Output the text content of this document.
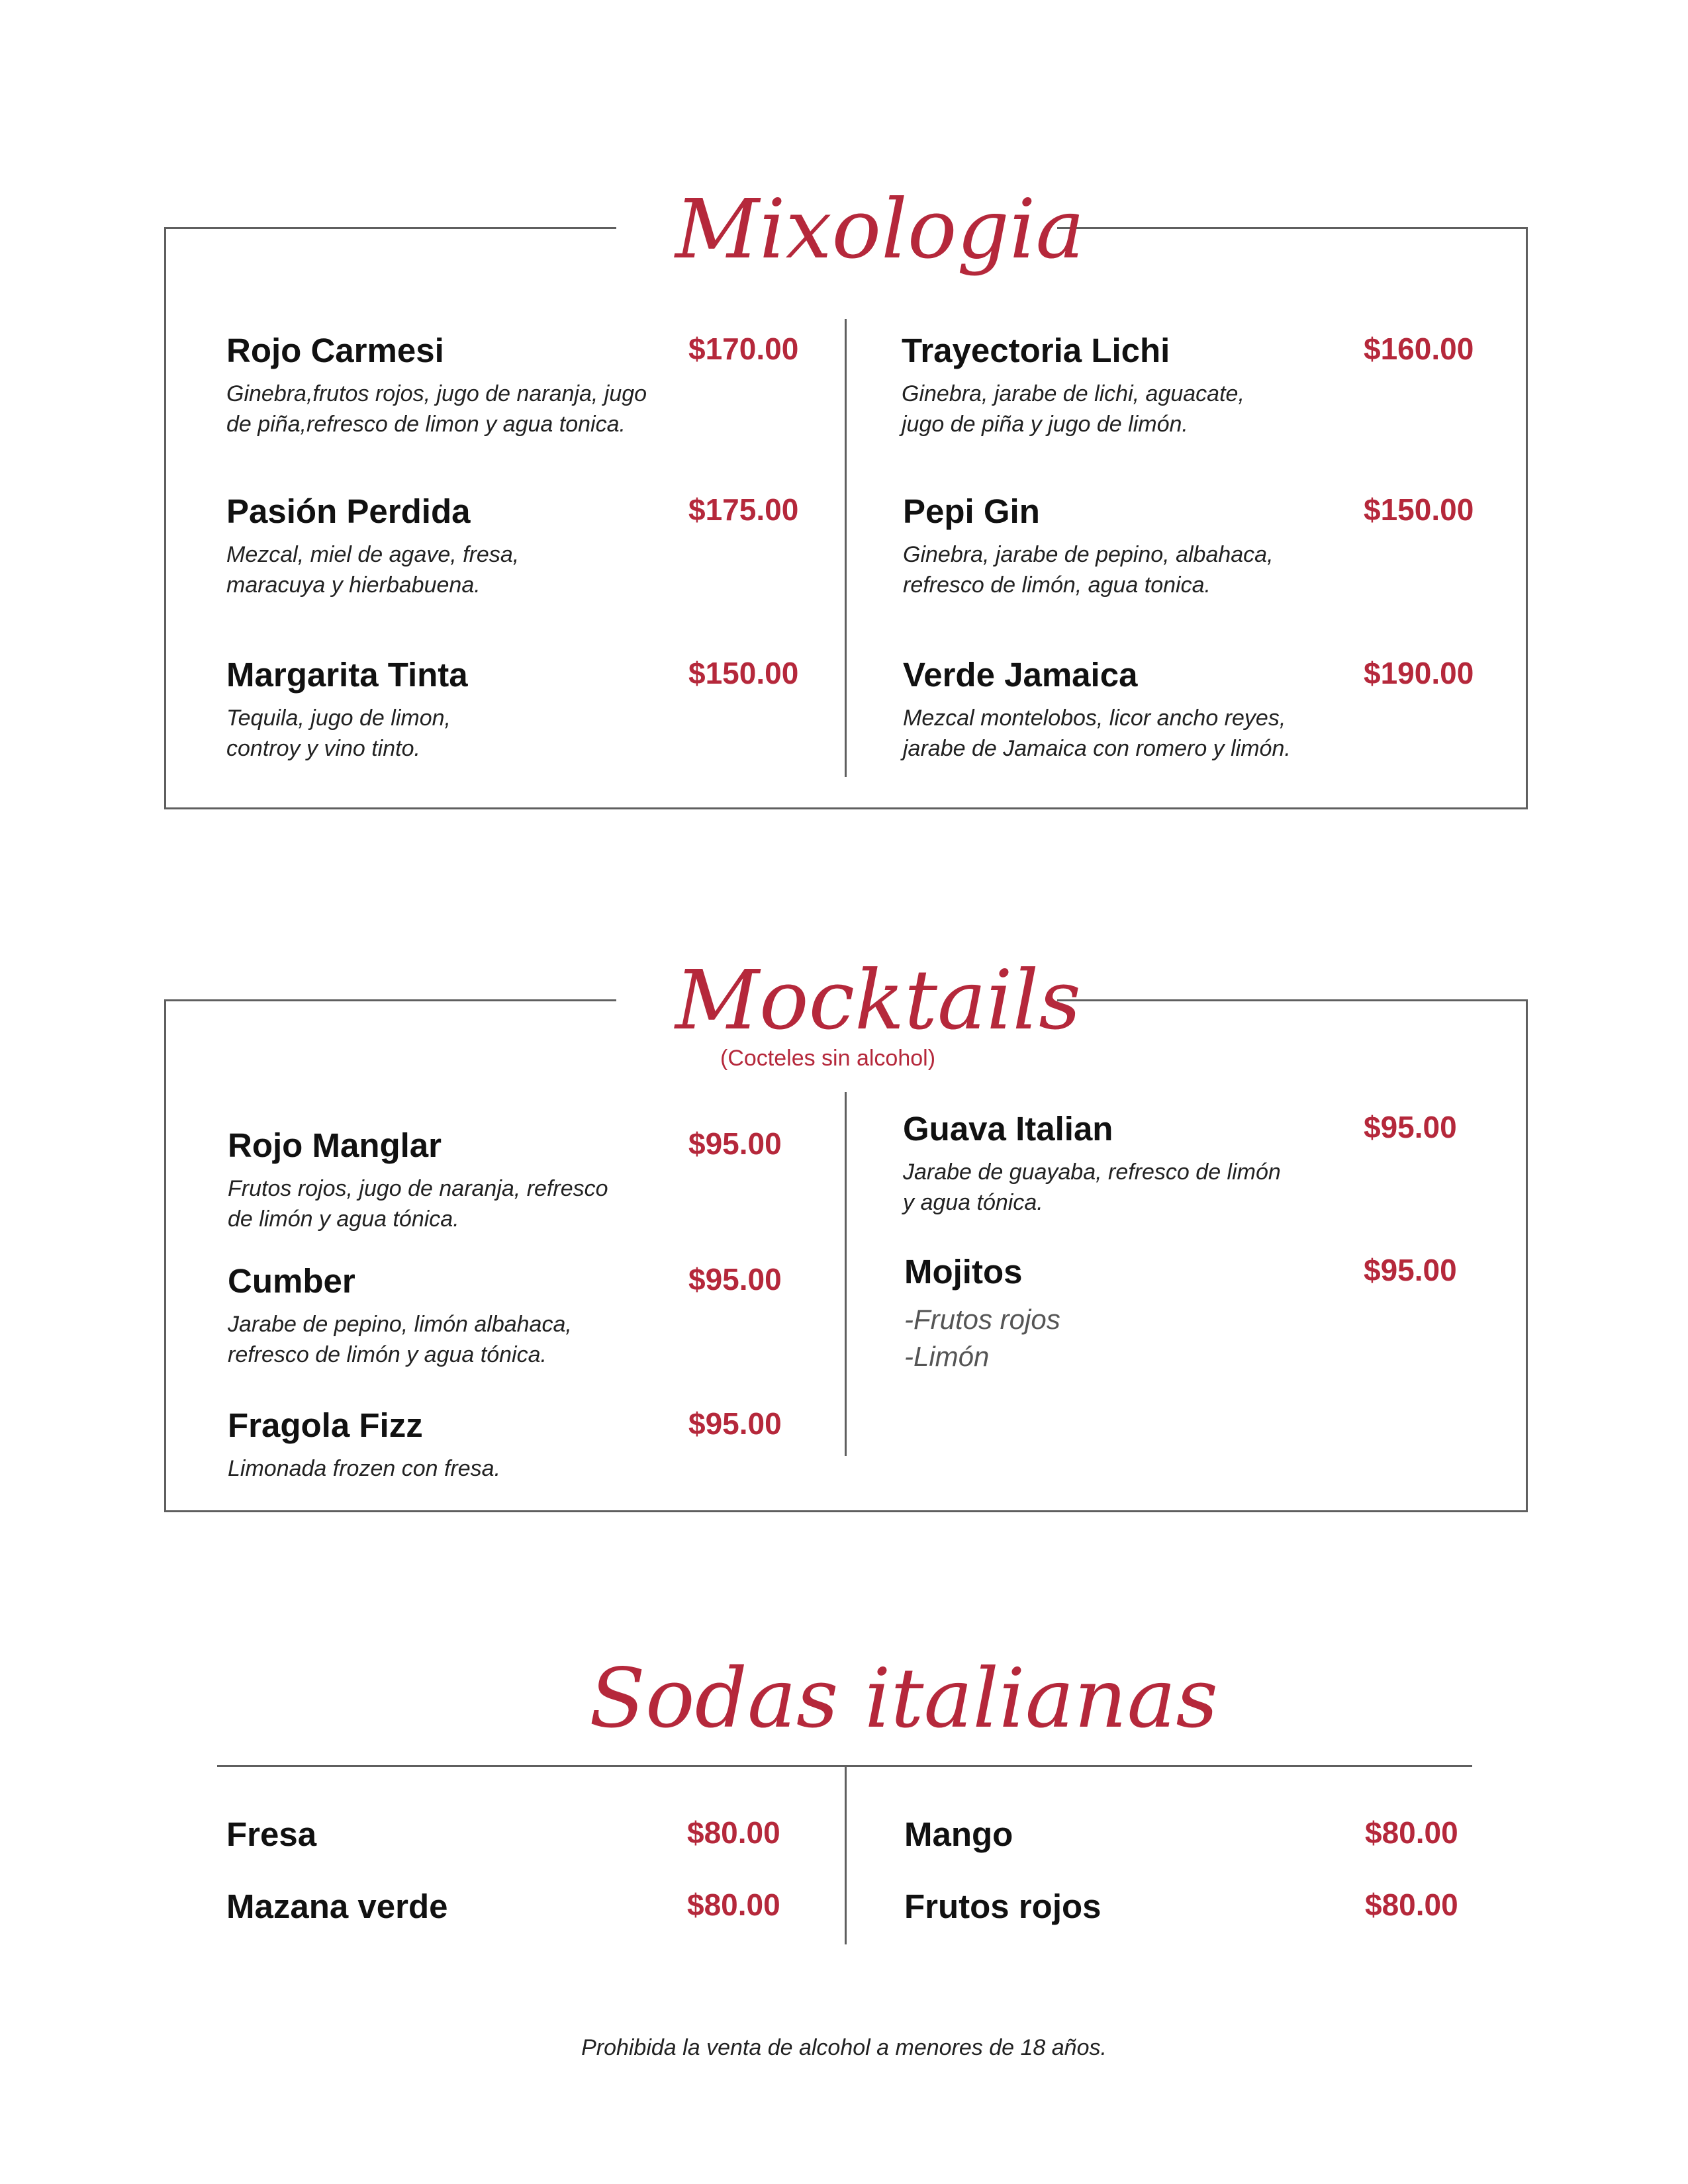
Mixologia
Rojo Carmesi	$170.00
Ginebra,frutos rojos, jugo de naranja, jugo
de piña,refresco de limon y agua tonica.
Pasión Perdida	$175.00
Mezcal, miel de agave, fresa,
maracuya y hierbabuena.
Margarita Tinta	$150.00
Tequila, jugo de limon,
controy y vino tinto.
Trayectoria Lichi	$160.00
Ginebra, jarabe de lichi, aguacate,
jugo de piña y jugo de limón.
Pepi Gin	$150.00
Ginebra, jarabe de pepino, albahaca,
refresco de limón, agua tonica.
Verde Jamaica	$190.00
Mezcal montelobos, licor ancho reyes,
jarabe de Jamaica con romero y limón.
Mocktails
(Cocteles sin alcohol)
Rojo Manglar	$95.00
Frutos rojos, jugo de naranja, refresco
de limón y agua tónica.
Cumber	$95.00
Jarabe de pepino, limón albahaca,
refresco de limón y agua tónica.
Fragola Fizz	$95.00
Limonada frozen con fresa.
Guava Italian	$95.00
Jarabe de guayaba, refresco de limón
y agua tónica.
Mojitos	$95.00
-Frutos rojos
-Limón
Sodas italianas
Fresa	$80.00
Mazana verde	$80.00
Mango	$80.00
Frutos rojos	$80.00
Prohibida la venta de alcohol a menores de 18 años.
